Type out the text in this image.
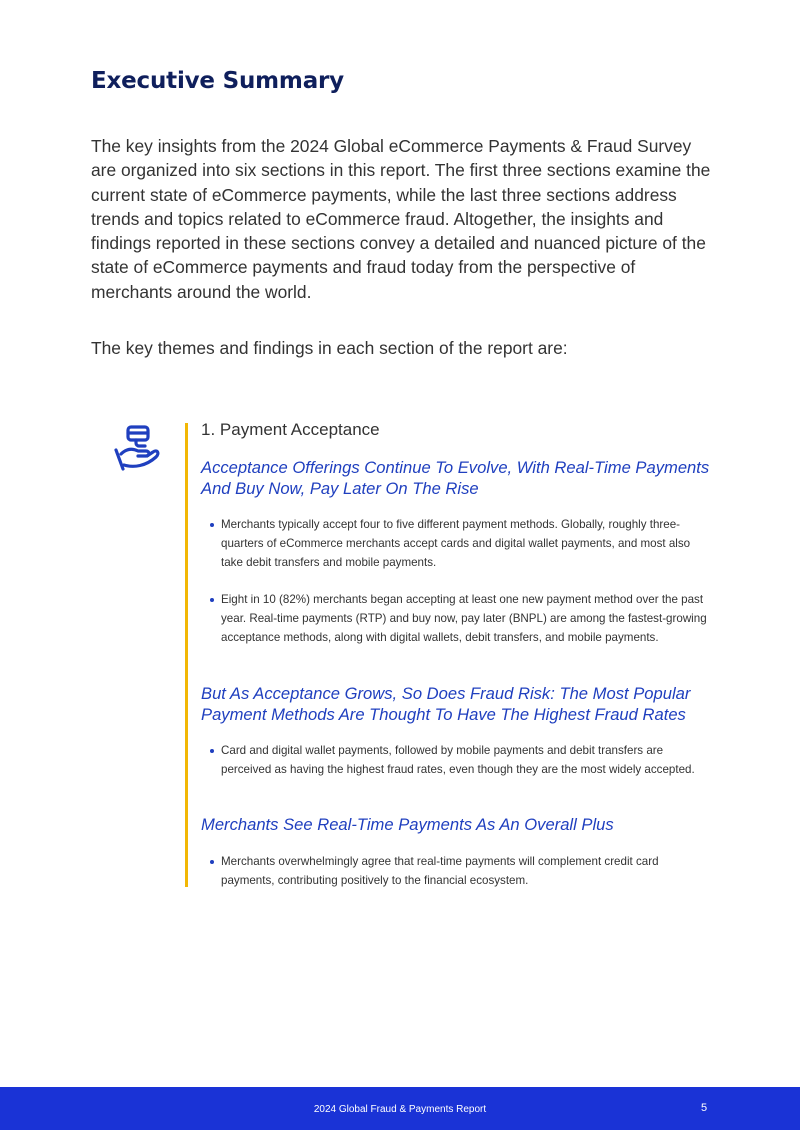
Executive Summary

The key insights from the 2024 Global eCommerce Payments & Fraud Survey are organized into six sections in this report. The first three sections examine the current state of eCommerce payments, while the last three sections address trends and topics related to eCommerce fraud. Altogether, the insights and findings reported in these sections convey a detailed and nuanced picture of the state of eCommerce payments and fraud today from the perspective of merchants around the world.

The key themes and findings in each section of the report are:

1. Payment Acceptance
Acceptance Offerings Continue To Evolve, With Real-Time Payments And Buy Now, Pay Later On The Rise
Merchants typically accept four to five different payment methods. Globally, roughly three-quarters of eCommerce merchants accept cards and digital wallet payments, and most also take debit transfers and mobile payments.
Eight in 10 (82%) merchants began accepting at least one new payment method over the past year. Real-time payments (RTP) and buy now, pay later (BNPL) are among the fastest-growing acceptance methods, along with digital wallets, debit transfers, and mobile payments.
But As Acceptance Grows, So Does Fraud Risk: The Most Popular Payment Methods Are Thought To Have The Highest Fraud Rates
Card and digital wallet payments, followed by mobile payments and debit transfers are perceived as having the highest fraud rates, even though they are the most widely accepted.
Merchants See Real-Time Payments As An Overall Plus
Merchants overwhelmingly agree that real-time payments will complement credit card payments, contributing positively to the financial ecosystem.
2024 Global Fraud & Payments Report	5
